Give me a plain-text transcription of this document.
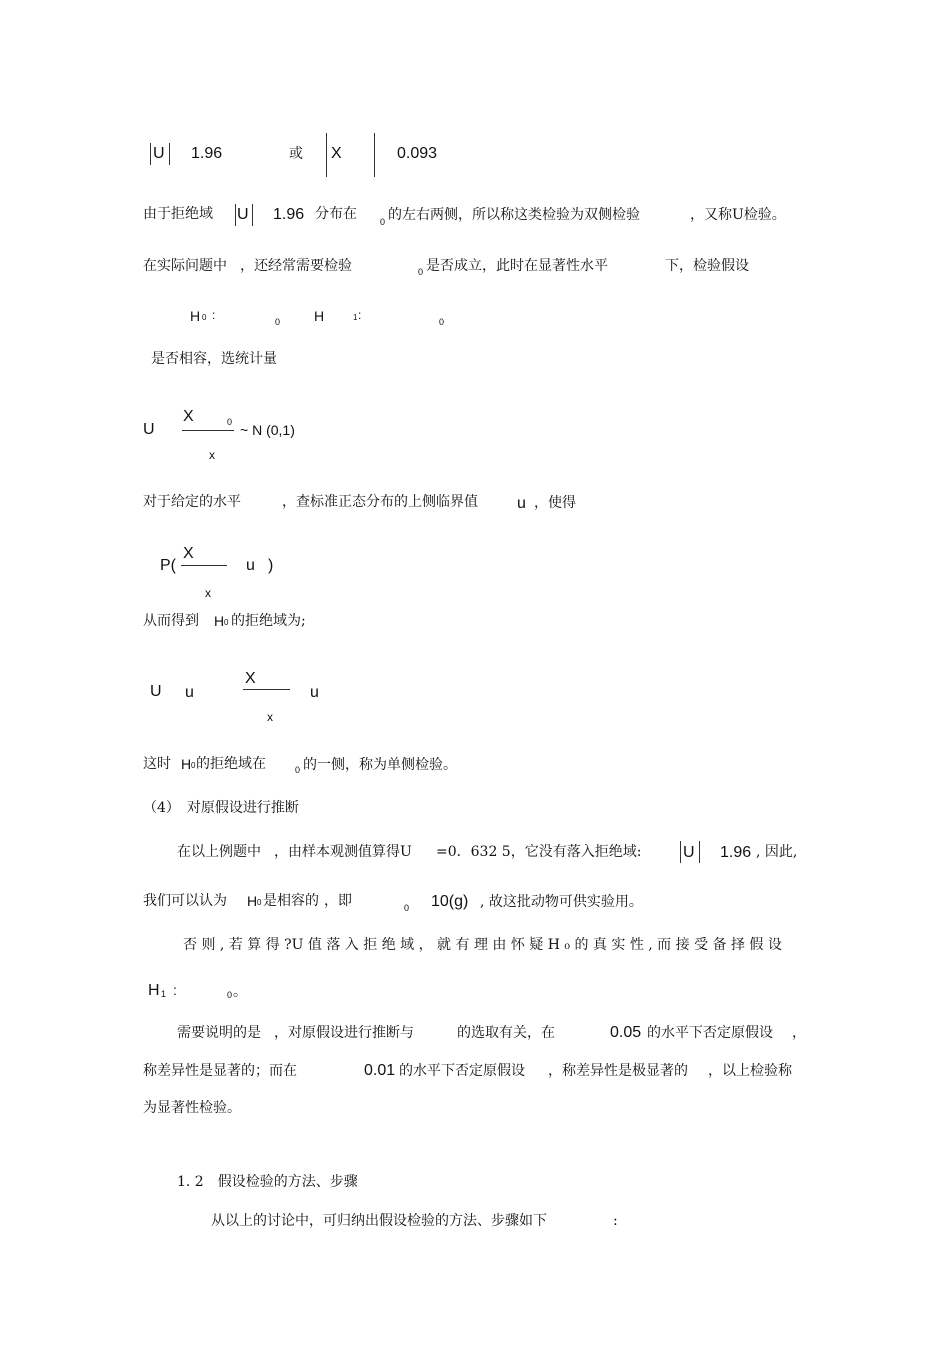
U 1.96	或 X	0.093
由于拒绝域 U 1.96 分布在	0 的左右两侧，所以称这类检验为双侧检验	，又称U检验。
在实际问题中 ，还经常需要检验	0 是否成立，此时在显著性水平	下，检验假设
H 0 :	0 H	1 :	0
是否相容，选统计量
U
X	0 ~ N (0,1)
x
对于给定的水平	，查标准正态分布的上侧临界值 u ，使得
P(
X
u )
x
从而得到 H 0 的拒绝域为;
U u
X
u
x
这时 H 0 的拒绝域在	0 的一侧，称为单侧检验。
（4）　对原假设进行推断
在以上例题中 ，由样本观测值算得U =0．632 5，它没有落入拒绝域:	U 1.96 , 因此,
我们可以认为 H 0 是相容的 ，即	0 10(g) , 故这批动物可供实验用。
否 则 , 若 算 得 ?U 值 落 入 拒 绝 域 ， 就 有 理 由 怀 疑 H ₀ 的 真 实 性 , 而 接 受 备 择 假 设
H 1 :	0 。
需要说明的是 ，对原假设进行推断与	的选取有关，在	0.05 的水平下否定原假设 ，
称差异性是显著的；而在	0.01 的水平下否定原假设 ，称差异性是极显著的 ，以上检验称
为显著性检验。
1. 2　假设检验的方法、步骤
从以上的讨论中，可归纳出假设检验的方法、步骤如下	:
